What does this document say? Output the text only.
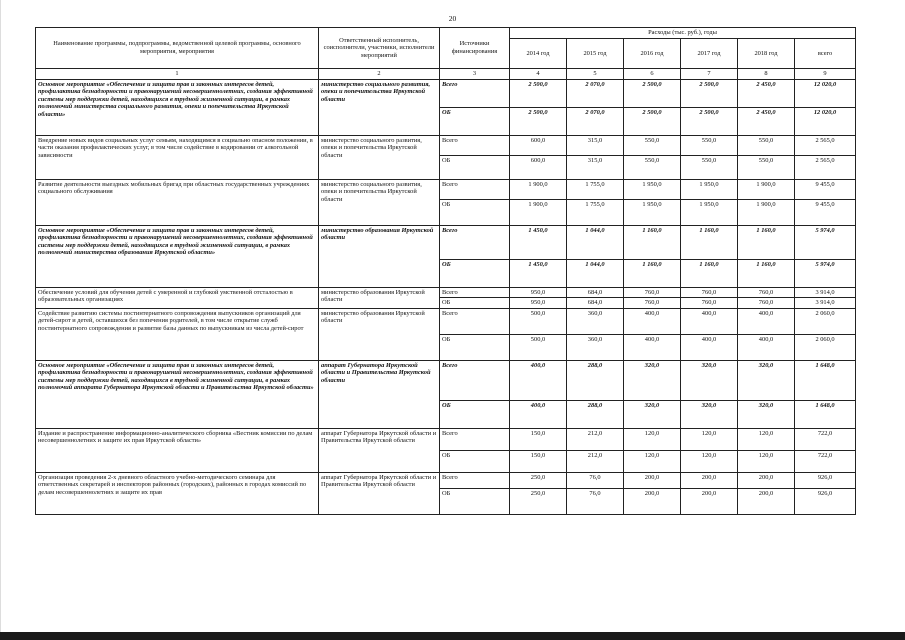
20
Наименование программы, подпрограммы, ведомственной целевой программы, основного мероприятия, мероприятия	Ответственный исполнитель, соисполнители, участники, исполнители мероприятий	Источники финансирования	Расходы (тыс. руб.), годы					
			2014 год	2015 год	2016 год	2017 год	2018 год	всего
1	2	3	4	5	6	7	8	9
Основное мероприятие «Обеспечение и защита прав и законных интересов детей, профилактика безнадзорности и правонарушений несовершеннолетних, создания эффективной системы мер поддержки детей, находящихся в трудной жизненной ситуации, в рамках полномочий министерства социального развития, опеки и попечительства Иркутской области»	министерство социального развития, опеки и попечительства Иркутской области	Всего	2 500,0	2 070,0	2 500,0	2 500,0	2 450,0	12 020,0
		ОБ	2 500,0	2 070,0	2 500,0	2 500,0	2 450,0	12 020,0
Внедрение новых видов социальных услуг семьям, находящимся в социально опасном положении, в части оказания профилактических услуг, в том числе содействие в кодировании от алкогольной зависимости	министерство социального развития, опеки и попечительства Иркутской области	Всего	600,0	315,0	550,0	550,0	550,0	2 565,0
		ОБ	600,0	315,0	550,0	550,0	550,0	2 565,0
Развитие деятельности выездных мобильных бригад при областных государственных учреждениях социального обслуживания	министерство социального развития, опеки и попечительства Иркутской области	Всего	1 900,0	1 755,0	1 950,0	1 950,0	1 900,0	9 455,0
		ОБ	1 900,0	1 755,0	1 950,0	1 950,0	1 900,0	9 455,0
Основное мероприятие «Обеспечение и защита прав и законных интересов детей, профилактика безнадзорности и правонарушений несовершеннолетних, создания эффективной системы мер поддержки детей, находящихся в трудной жизненной ситуации, в рамках полномочий министерства образования Иркутской области»	министерство образования Иркутской области	Всего	1 450,0	1 044,0	1 160,0	1 160,0	1 160,0	5 974,0
		ОБ	1 450,0	1 044,0	1 160,0	1 160,0	1 160,0	5 974,0
Обеспечение условий для обучения детей с умеренной и глубокой умственной отсталостью в образовательных организациях	министерство образования Иркутской области	Всего	950,0	684,0	760,0	760,0	760,0	3 914,0
		ОБ	950,0	684,0	760,0	760,0	760,0	3 914,0
Содействие развитию системы постинтернатного сопровождения выпускников организаций для детей-сирот и детей, оставшихся без попечения родителей, в том числе открытие служб постинтернатного сопровождения и развитие базы данных по выпускникам из числа детей-сирот	министерство образования Иркутской области	Всего	500,0	360,0	400,0	400,0	400,0	2 060,0
		ОБ	500,0	360,0	400,0	400,0	400,0	2 060,0
Основное мероприятие «Обеспечение и защита прав и законных интересов детей, профилактика безнадзорности и правонарушений несовершеннолетних, создания эффективной системы мер поддержки детей, находящихся в трудной жизненной ситуации, в рамках полномочий аппарата Губернатора Иркутской области и Правительства Иркутской области»	аппарат Губернатора Иркутской области и Правительства Иркутской области	Всего	400,0	288,0	320,0	320,0	320,0	1 648,0
		ОБ	400,0	288,0	320,0	320,0	320,0	1 648,0
Издание и распространение информационно-аналитического сборника «Вестник комиссии по делам несовершеннолетних и защите их прав Иркутской области»	аппарат Губернатора Иркутской области и Правительства Иркутской области	Всего	150,0	212,0	120,0	120,0	120,0	722,0
		ОБ	150,0	212,0	120,0	120,0	120,0	722,0
Организация проведения 2-х дневного областного учебно-методического семинара для ответственных секретарей и инспекторов районных (городских), районных в городах комиссий по делам несовершеннолетних и защите их прав	аппарат Губернатора Иркутской области и Правительства Иркутской области	Всего	250,0	76,0	200,0	200,0	200,0	926,0
		ОБ	250,0	76,0	200,0	200,0	200,0	926,0
